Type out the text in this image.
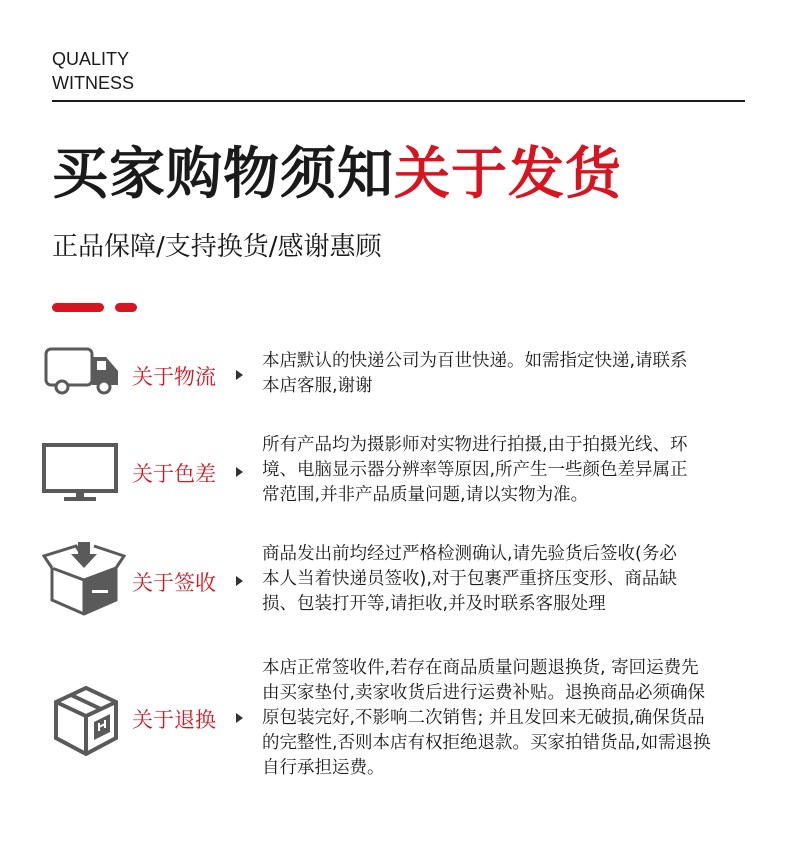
QUALITY
WITNESS
买家购物须知关于发货
正品保障/支持换货/感谢惠顾
关于物流
本店默认的快递公司为百世快递。如需指定快递,请联系
本店客服,谢谢
关于色差
所有产品均为摄影师对实物进行拍摄,由于拍摄光线、环
境、电脑显示器分辨率等原因,所产生一些颜色差异属正
常范围,并非产品质量问题,请以实物为准。
关于签收
商品发出前均经过严格检测确认,请先验货后签收(务必
本人当着快递员签收),对于包裹严重挤压变形、商品缺
损、包装打开等,请拒收,并及时联系客服处理
关于退换
本店正常签收件,若存在商品质量问题退换货, 寄回运费先
由买家垫付,卖家收货后进行运费补贴。退换商品必须确保
原包装完好,不影响二次销售; 并且发回来无破损,确保货品
的完整性,否则本店有权拒绝退款。买家拍错货品,如需退换
自行承担运费。
